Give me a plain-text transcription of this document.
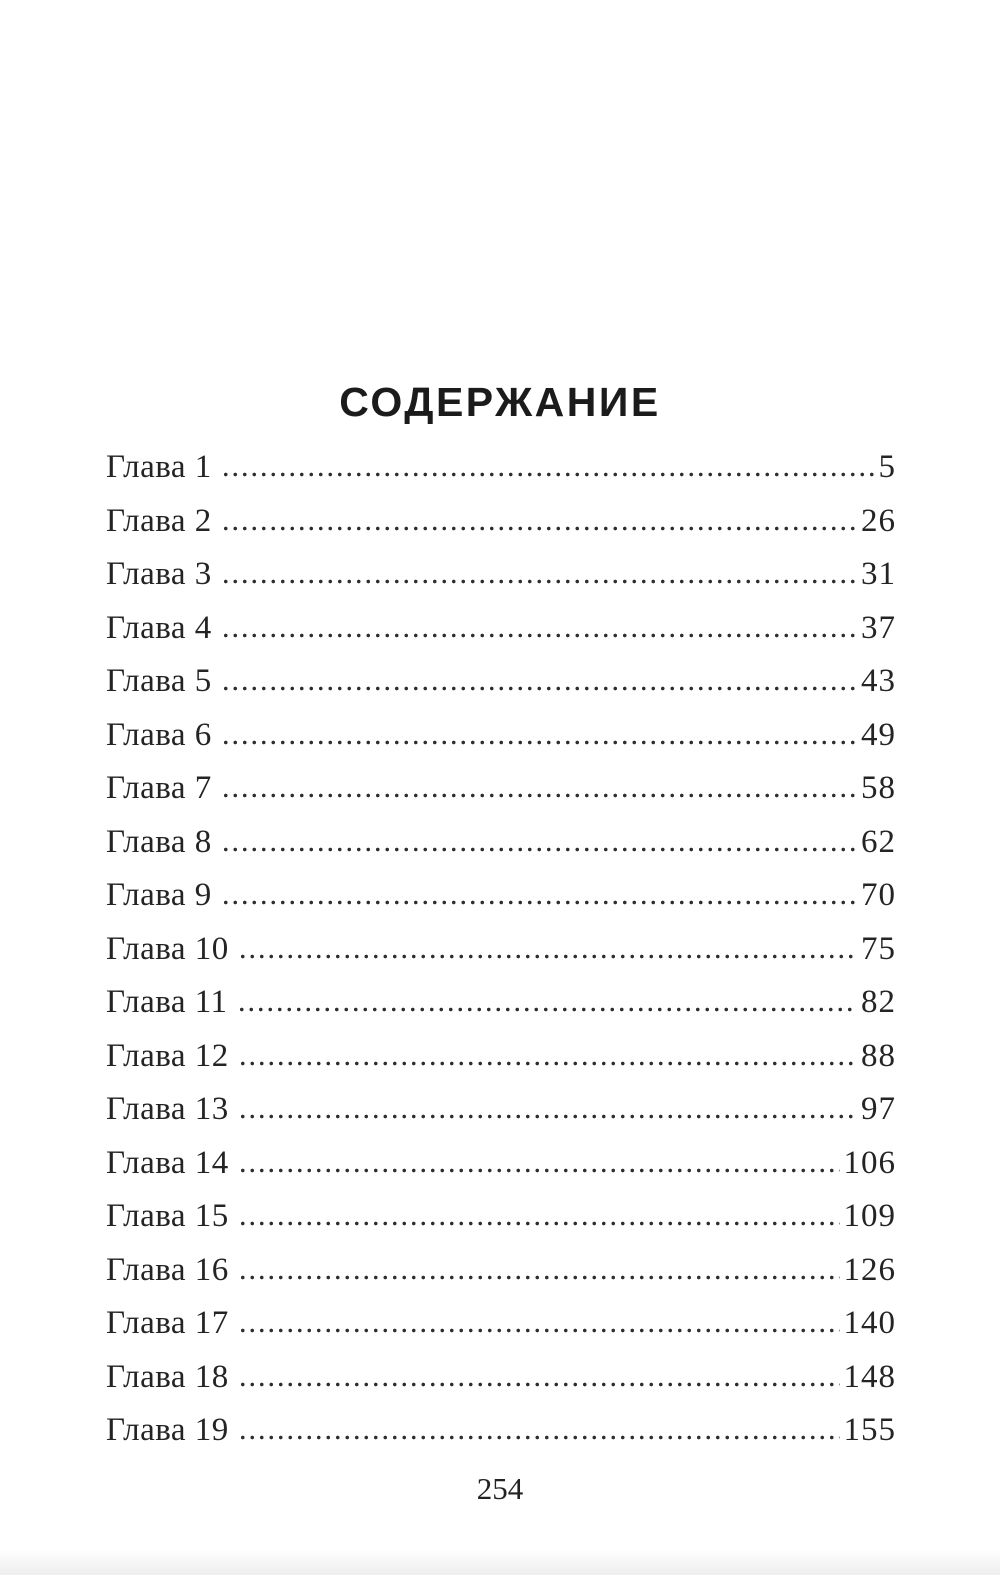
СОДЕРЖАНИЕ
Глава 1	5
Глава 2	26
Глава 3	31
Глава 4	37
Глава 5	43
Глава 6	49
Глава 7	58
Глава 8	62
Глава 9	70
Глава 10	75
Глава 11	82
Глава 12	88
Глава 13	97
Глава 14	106
Глава 15	109
Глава 16	126
Глава 17	140
Глава 18	148
Глава 19	155
254
